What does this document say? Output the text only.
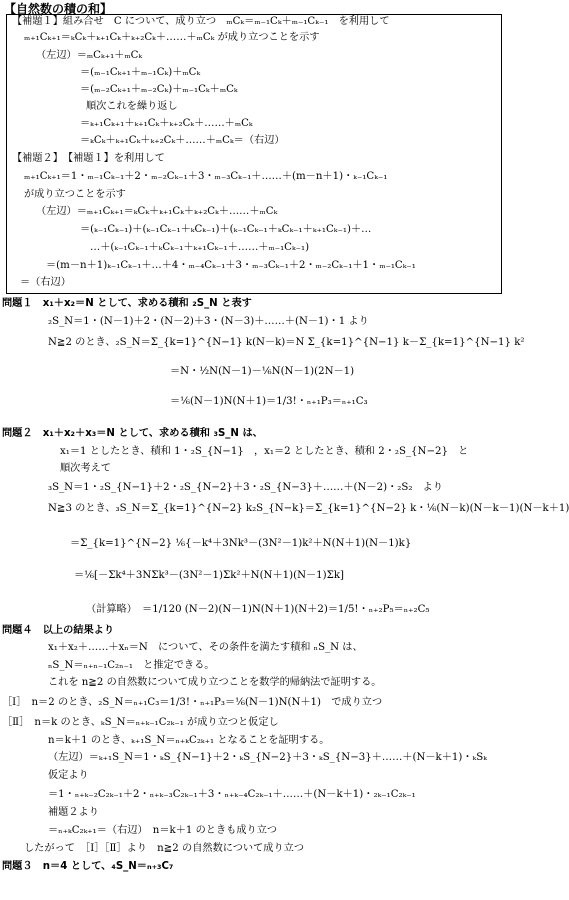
【自然数の積の和】
【補題１】組み合せ　C について、成り立つ　ₘCₖ＝ₘ₋₁Cₖ＋ₘ₋₁Cₖ₋₁　を利用して
ₘ₊₁Cₖ₊₁＝ₖCₖ＋ₖ₊₁Cₖ＋ₖ₊₂Cₖ＋……＋ₘCₖ が成り立つことを示す
（左辺）＝ₘCₖ₊₁＋ₘCₖ
＝(ₘ₋₁Cₖ₊₁＋ₘ₋₁Cₖ)＋ₘCₖ
＝(ₘ₋₂Cₖ₊₁＋ₘ₋₂Cₖ)＋ₘ₋₁Cₖ＋ₘCₖ
順次これを繰り返し
＝ₖ₊₁Cₖ₊₁＋ₖ₊₁Cₖ＋ₖ₊₂Cₖ＋……＋ₘCₖ
＝ₖCₖ＋ₖ₊₁Cₖ＋ₖ₊₂Cₖ＋……＋ₘCₖ＝（右辺）
【補題２】　【補題１】を利用して
ₘ₊₁Cₖ₊₁＝1・ₘ₋₁Cₖ₋₁＋2・ₘ₋₂Cₖ₋₁＋3・ₘ₋₃Cₖ₋₁＋……＋(m－n＋1)・ₖ₋₁Cₖ₋₁
が成り立つことを示す
（左辺）＝ₘ₊₁Cₖ₊₁＝ₖCₖ＋ₖ₊₁Cₖ＋ₖ₊₂Cₖ＋……＋ₘCₖ
＝(ₖ₋₁Cₖ₋₁)＋(ₖ₋₁Cₖ₋₁＋ₖCₖ₋₁)＋(ₖ₋₁Cₖ₋₁＋ₖCₖ₋₁＋ₖ₊₁Cₖ₋₁)＋…
…＋(ₖ₋₁Cₖ₋₁＋ₖCₖ₋₁＋ₖ₊₁Cₖ₋₁＋……＋ₘ₋₁Cₖ₋₁)
＝(m－n＋1)ₖ₋₁Cₖ₋₁＋…＋4・ₘ₋₄Cₖ₋₁＋3・ₘ₋₃Cₖ₋₁＋2・ₘ₋₂Cₖ₋₁＋1・ₘ₋₁Cₖ₋₁
＝（右辺）
問題１　x₁＋x₂＝N として、求める積和 ₂S_N と表す
₂S_N＝1・(N－1)＋2・(N－2)＋3・(N－3)＋……＋(N－1)・1 より
N≧2 のとき、₂S_N＝Σ_{k=1}^{N−1} k(N－k)＝N Σ_{k=1}^{N−1} k－Σ_{k=1}^{N−1} k²
＝N・½N(N－1)－⅙N(N－1)(2N－1)
＝⅙(N－1)N(N＋1)＝1/3!・ₙ₊₁P₃＝ₙ₊₁C₃
問題２　x₁＋x₂＋x₃＝N として、求める積和 ₃S_N は、
x₁＝1 としたとき、積和 1・₂S_{N−1}　，x₁＝2 としたとき、積和 2・₂S_{N−2}　と
順次考えて
₃S_N＝1・₂S_{N−1}＋2・₂S_{N−2}＋3・₂S_{N−3}＋……＋(N－2)・₂S₂　より
N≧3 のとき、₃S_N＝Σ_{k=1}^{N−2} k₂S_{N−k}＝Σ_{k=1}^{N−2} k・⅙(N－k)(N－k－1)(N－k＋1)
＝Σ_{k=1}^{N−2} ⅙{－k⁴＋3Nk³－(3N²－1)k²＋N(N＋1)(N－1)k}
＝⅙[－Σk⁴＋3NΣk³－(3N²－1)Σk²＋N(N＋1)(N－1)Σk]
（計算略）　＝1/120 (N－2)(N－1)N(N＋1)(N＋2)＝1/5!・ₙ₊₂P₅＝ₙ₊₂C₅
問題４　以上の結果より
x₁＋x₂＋……＋xₙ＝N　について、その条件を満たす積和 ₙS_N は、
ₙS_N＝ₙ₊ₙ₋₁C₂ₙ₋₁　と推定できる。
これを n≧2 の自然数について成り立つことを数学的帰納法で証明する。
［Ⅰ］　n＝2 のとき、₂S_N＝ₙ₊₁C₃＝1/3!・ₙ₊₁P₃＝⅙(N－1)N(N＋1)　で成り立つ
［Ⅱ］　n＝k のとき、ₖS_N＝ₙ₊ₖ₋₁C₂ₖ₋₁ が成り立つと仮定し
n＝k＋1 のとき、ₖ₊₁S_N＝ₙ₊ₖC₂ₖ₊₁ となることを証明する。
（左辺）＝ₖ₊₁S_N＝1・ₖS_{N−1}＋2・ₖS_{N−2}＋3・ₖS_{N−3}＋……＋(N－k＋1)・ₖSₖ
仮定より
＝1・ₙ₊ₖ₋₂C₂ₖ₋₁＋2・ₙ₊ₖ₋₃C₂ₖ₋₁＋3・ₙ₊ₖ₋₄C₂ₖ₋₁＋……＋(N－k＋1)・₂ₖ₋₁C₂ₖ₋₁
補題２より
＝ₙ₊ₖC₂ₖ₊₁＝（右辺）　n＝k＋1 のときも成り立つ
したがって　［Ⅰ］［Ⅱ］より　n≧2 の自然数について成り立つ
問題３　n＝4 として、₄S_N＝ₙ₊₃C₇
